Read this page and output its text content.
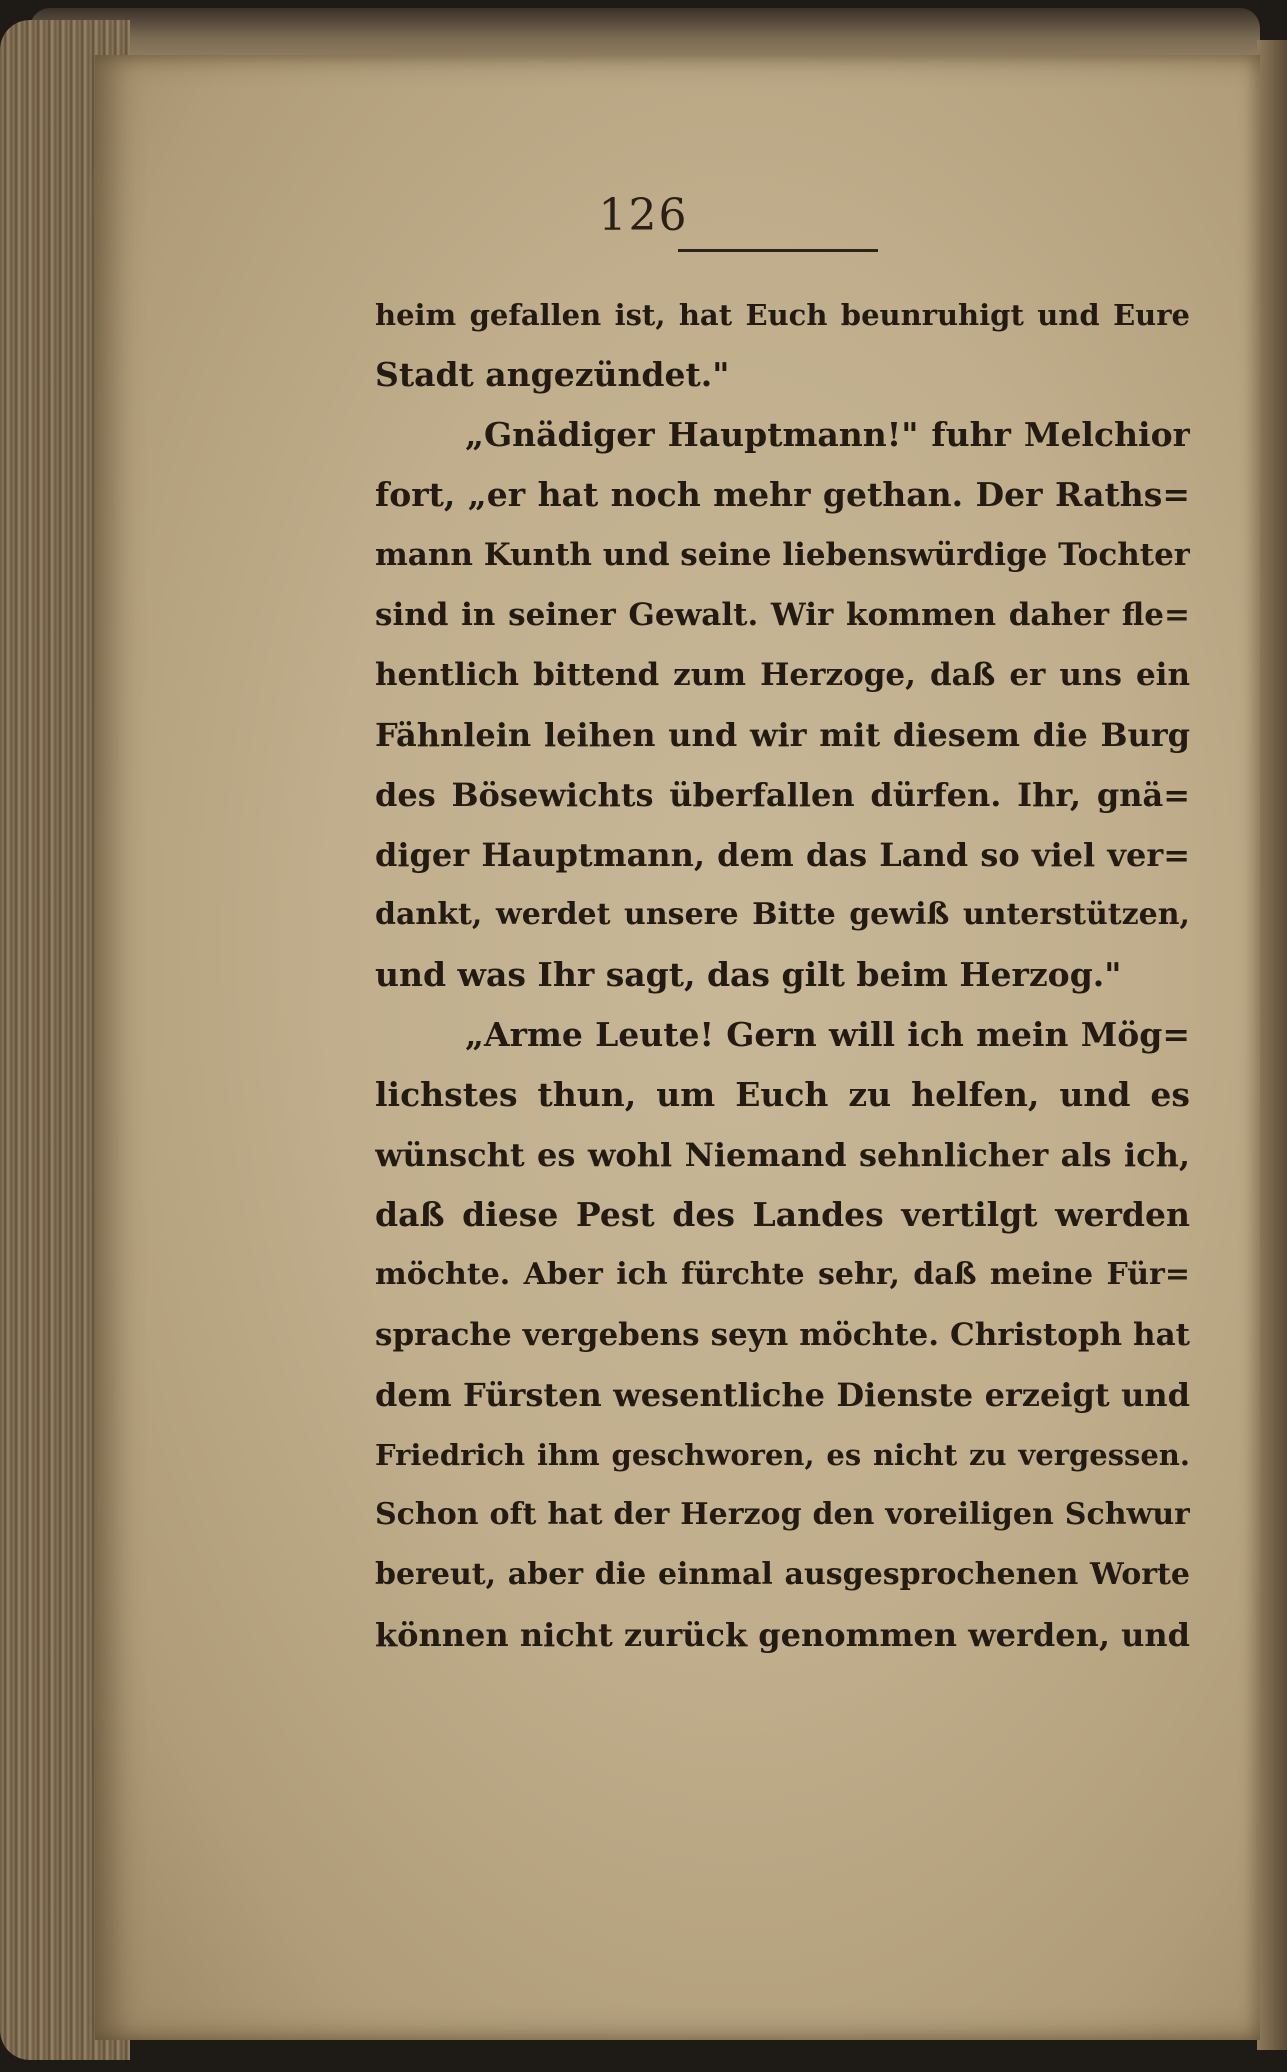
126

heim gefallen ist, hat Euch beunruhigt und Eure
Stadt angezündet."
„Gnädiger Hauptmann!" fuhr Melchior
fort, „er hat noch mehr gethan. Der Raths=
mann Kunth und seine liebenswürdige Tochter
sind in seiner Gewalt. Wir kommen daher fle=
hentlich bittend zum Herzoge, daß er uns ein
Fähnlein leihen und wir mit diesem die Burg
des Bösewichts überfallen dürfen. Ihr, gnä=
diger Hauptmann, dem das Land so viel ver=
dankt, werdet unsere Bitte gewiß unterstützen,
und was Ihr sagt, das gilt beim Herzog."
„Arme Leute! Gern will ich mein Mög=
lichstes thun, um Euch zu helfen, und es
wünscht es wohl Niemand sehnlicher als ich,
daß diese Pest des Landes vertilgt werden
möchte. Aber ich fürchte sehr, daß meine Für=
sprache vergebens seyn möchte. Christoph hat
dem Fürsten wesentliche Dienste erzeigt und
Friedrich ihm geschworen, es nicht zu vergessen.
Schon oft hat der Herzog den voreiligen Schwur
bereut, aber die einmal ausgesprochenen Worte
können nicht zurück genommen werden, und
